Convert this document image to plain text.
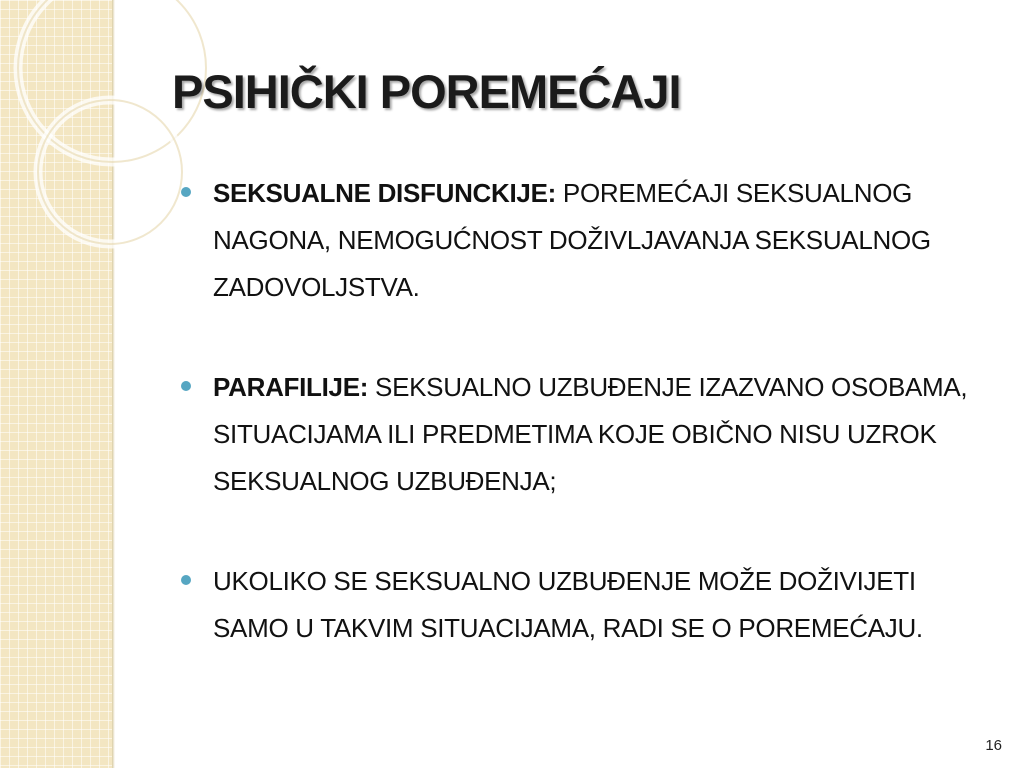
PSIHIČKI POREMEĆAJI
SEKSUALNE DISFUNCKIJE: POREMEĆAJI SEKSUALNOG NAGONA, NEMOGUĆNOST DOŽIVLJAVANJA SEKSUALNOG ZADOVOLJSTVA.
PARAFILIJE: SEKSUALNO UZBUĐENJE IZAZVANO OSOBAMA, SITUACIJAMA ILI PREDMETIMA KOJE OBIČNO NISU UZROK SEKSUALNOG UZBUĐENJA;
UKOLIKO SE SEKSUALNO UZBUĐENJE MOŽE DOŽIVIJETI SAMO U TAKVIM SITUACIJAMA, RADI SE O POREMEĆAJU.
16
